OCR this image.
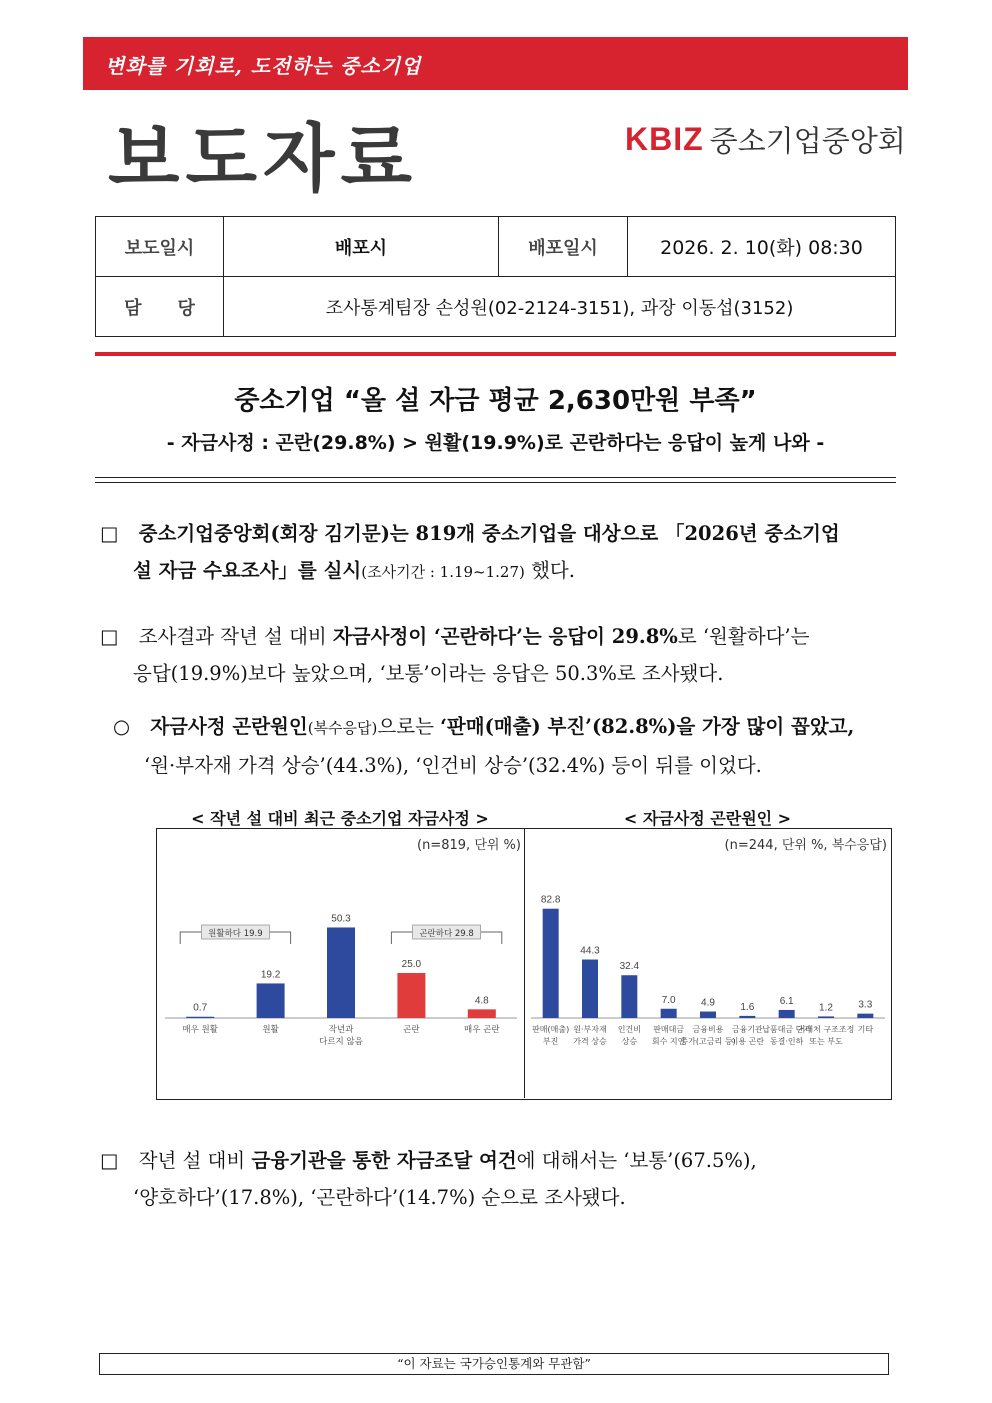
변화를 기회로, 도전하는 중소기업
보도자료	KBIZ 중소기업중앙회
보도일시	배포시	배포일시	2026. 2. 10(화) 08:30
담　　당	조사통계팀장 손성원(02-2124-3151), 과장 이동섭(3152)		
중소기업 “올 설 자금 평균 2,630만원 부족”
- 자금사정 : 곤란(29.8%) > 원활(19.9%)로 곤란하다는 응답이 높게 나와 -
□ 중소기업중앙회(회장 김기문)는 819개 중소기업을 대상으로 「2026년 중소기업
설 자금 수요조사」를 실시(조사기간 : 1.19~1.27) 했다.
□ 조사결과 작년 설 대비 자금사정이 ‘곤란하다’는 응답이 29.8%로 ‘원활하다’는
응답(19.9%)보다 높았으며, ‘보통’이라는 응답은 50.3%로 조사됐다.
○ 자금사정 곤란원인(복수응답)으로는 ‘판매(매출) 부진’(82.8%)을 가장 많이 꼽았고,
‘원·부자재 가격 상승’(44.3%), ‘인건비 상승’(32.4%) 등이 뒤를 이었다.
< 작년 설 대비 최근 중소기업 자금사정 >	< 자금사정 곤란원인 >
(n=819, 단위 %)
0.7
매우 원활
19.2
원활
50.3
작년과
다르지 않음
25.0
곤란
4.8
매우 곤란
원활하다 19.9	곤란하다 29.8
(n=244, 단위 %, 복수응답)
82.8
판매(매출)
부진
44.3
원·부자재
가격 상승
32.4
인건비
상승
7.0
판매대금
회수 지연
4.9
금융비용
증가(고금리 등)
1.6
금융기관
이용 곤란
6.1
납품대금 단가
동결·인하
1.2
거래처 구조조정
또는 부도
3.3
기타
□ 작년 설 대비 금융기관을 통한 자금조달 여건에 대해서는 ‘보통’(67.5%),
‘양호하다’(17.8%), ‘곤란하다’(14.7%) 순으로 조사됐다.
“이 자료는 국가승인통계와 무관함”
